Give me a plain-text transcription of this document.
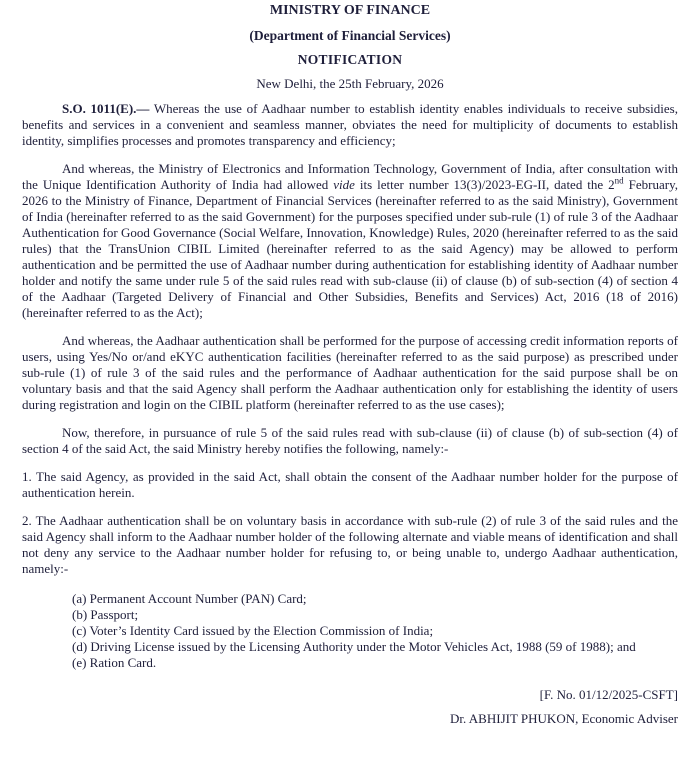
MINISTRY OF FINANCE
(Department of Financial Services)
NOTIFICATION
New Delhi, the 25th February, 2026

S.O. 1011(E).— Whereas the use of Aadhaar number to establish identity enables individuals to receive subsidies, benefits and services in a convenient and seamless manner, obviates the need for multiplicity of documents to establish identity, simplifies processes and promotes transparency and efficiency;

And whereas, the Ministry of Electronics and Information Technology, Government of India, after consultation with the Unique Identification Authority of India had allowed vide its letter number 13(3)/2023-EG-II, dated the 2nd February, 2026 to the Ministry of Finance, Department of Financial Services (hereinafter referred to as the said Ministry), Government of India (hereinafter referred to as the said Government) for the purposes specified under sub-rule (1) of rule 3 of the Aadhaar Authentication for Good Governance (Social Welfare, Innovation, Knowledge) Rules, 2020 (hereinafter referred to as the said rules) that the TransUnion CIBIL Limited (hereinafter referred to as the said Agency) may be allowed to perform authentication and be permitted the use of Aadhaar number during authentication for establishing identity of Aadhaar number holder and notify the same under rule 5 of the said rules read with sub-clause (ii) of clause (b) of sub-section (4) of section 4 of the Aadhaar (Targeted Delivery of Financial and Other Subsidies, Benefits and Services) Act, 2016 (18 of 2016) (hereinafter referred to as the Act);

And whereas, the Aadhaar authentication shall be performed for the purpose of accessing credit information reports of users, using Yes/No or/and eKYC authentication facilities (hereinafter referred to as the said purpose) as prescribed under sub-rule (1) of rule 3 of the said rules and the performance of Aadhaar authentication for the said purpose shall be on voluntary basis and that the said Agency shall perform the Aadhaar authentication only for establishing the identity of users during registration and login on the CIBIL platform (hereinafter referred to as the use cases);

Now, therefore, in pursuance of rule 5 of the said rules read with sub-clause (ii) of clause (b) of sub-section (4) of section 4 of the said Act, the said Ministry hereby notifies the following, namely:-

1. The said Agency, as provided in the said Act, shall obtain the consent of the Aadhaar number holder for the purpose of authentication herein.

2. The Aadhaar authentication shall be on voluntary basis in accordance with sub-rule (2) of rule 3 of the said rules and the said Agency shall inform to the Aadhaar number holder of the following alternate and viable means of identification and shall not deny any service to the Aadhaar number holder for refusing to, or being unable to, undergo Aadhaar authentication, namely:-

(a) Permanent Account Number (PAN) Card;

(b) Passport;

(c) Voter’s Identity Card issued by the Election Commission of India;

(d) Driving License issued by the Licensing Authority under the Motor Vehicles Act, 1988 (59 of 1988); and

(e) Ration Card.

[F. No. 01/12/2025-CSFT]

Dr. ABHIJIT PHUKON, Economic Adviser
